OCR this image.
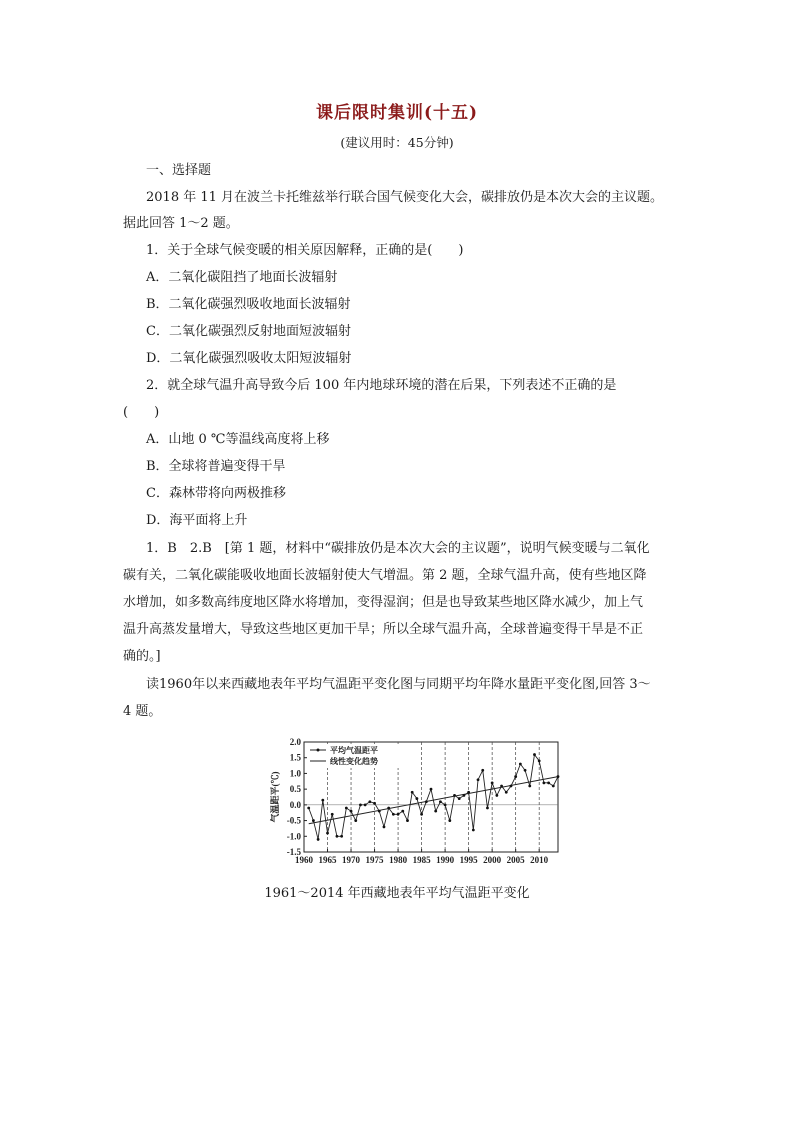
课后限时集训(十五)
(建议用时：45分钟)
一、选择题
2018 年 11 月在波兰卡托维兹举行联合国气候变化大会，碳排放仍是本次大会的主议题。
据此回答 1～2 题。
1．关于全球气候变暖的相关原因解释，正确的是(　　)
A．二氧化碳阻挡了地面长波辐射
B．二氧化碳强烈吸收地面长波辐射
C．二氧化碳强烈反射地面短波辐射
D．二氧化碳强烈吸收太阳短波辐射
2．就全球气温升高导致今后 100 年内地球环境的潜在后果，下列表述不正确的是
(　　)
A．山地 0 ℃等温线高度将上移
B．全球将普遍变得干旱
C．森林带将向两极推移
D．海平面将上升
1．B　2.B　[第 1 题，材料中“碳排放仍是本次大会的主议题”，说明气候变暖与二氧化
碳有关，二氧化碳能吸收地面长波辐射使大气增温。第 2 题，全球气温升高，使有些地区降
水增加，如多数高纬度地区降水将增加，变得湿润；但是也导致某些地区降水减少，加上气
温升高蒸发量增大，导致这些地区更加干旱；所以全球气温升高，全球普遍变得干旱是不正
确的。]
读1960年以来西藏地表年平均气温距平变化图与同期平均年降水量距平变化图,回答 3～
4 题。
2.0
1.5
1.0
0.5
0.0
-0.5
-1.0
-1.5
1960 1965 1970 1975 1980 1985 1990 1995 2000 2005 2010
气温距平(℃)
平均气温距平
线性变化趋势
1961～2014 年西藏地表年平均气温距平变化
